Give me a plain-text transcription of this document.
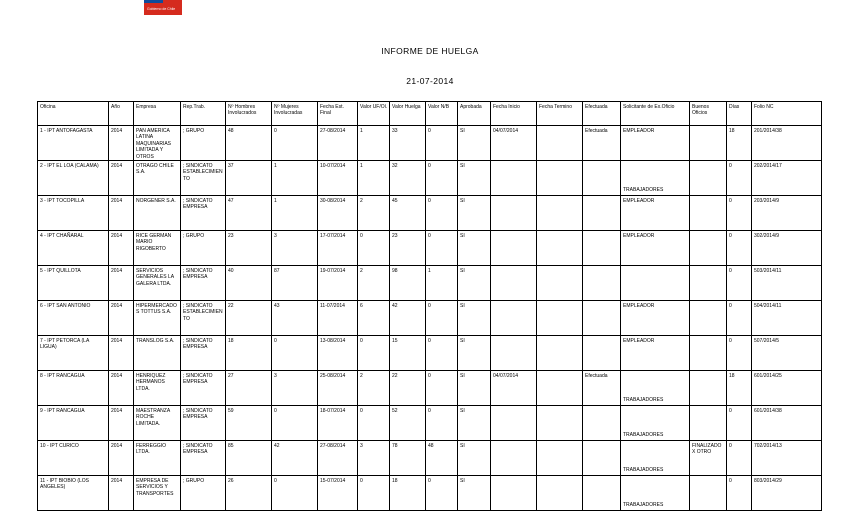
Gobierno de Chile
INFORME DE HUELGA
21-07-2014
Oficina	Año	Empresa	Rep.Trab.	Nº Hombres Involucrados	Nº Mujeres Involucradas	Fecha Est. Final	Valor UF/Oí.	Valor Huelga	Valor N/B	Aprobada	Fecha Inicio	Fecha Termino	Efectuada	Solicitante de Ex.Oficio	Buenos Oficios	Días	Folio NC
1 - IPT ANTOFAGASTA	2014	PAN AMERICA LATINA MAQUINARIAS LIMITADA Y OTROS	; GRUPO	48	0	27-08/2014	1	33	0	SI	04/07/2014		Efectuada	EMPLEADOR		18	201/2014/38
2 - IPT EL LOA (CALAMA)	2014	OTRAGO CHILE S.A.	; SINDICATO ESTABLECIMIENTO	37	1	10-07/2014	1	32	0	SI				TRABAJADORES		0	202/2014/17
3 - IPT TOCOPILLA	2014	NORGENER S.A.	; SINDICATO EMPRESA	47	1	30-08/2014	2	45	0	SI				EMPLEADOR		0	203/2014/9
4 - IPT CHAÑARAL	2014	RICE GERMAN MARIO RIGOBERTO	; GRUPO	23	3	17-07/2014	0	23	0	SI				EMPLEADOR		0	302/2014/9
5 - IPT QUILLOTA	2014	SERVICIOS GENERALES LA GALERA LTDA.	; SINDICATO EMPRESA	40	87	19-07/2014	2	98	1	SI						0	503/2014/11
6 - IPT SAN ANTONIO	2014	HIPERMERCADOS TOTTUS S.A.	; SINDICATO ESTABLECIMIENTO	22	43	11-07/2014	6	42	0	SI				EMPLEADOR		0	504/2014/11
7 - IPT PETORCA (LA LIGUA)	2014	TRANSLOG S.A.	; SINDICATO EMPRESA	18	0	13-08/2014	0	15	0	SI				EMPLEADOR		0	507/2014/5
8 - IPT RANCAGUA	2014	HENRIQUEZ HERMANOS LTDA.	; SINDICATO EMPRESA	27	3	25-08/2014	2	22	0	SI	04/07/2014		Efectuada	TRABAJADORES		18	601/2014/25
9 - IPT RANCAGUA	2014	MAESTRANZA ROCHE LIMITADA.	; SINDICATO EMPRESA	59	0	18-07/2014	0	52	0	SI				TRABAJADORES		0	601/2014/38
10 - IPT CURICO	2014	FERREGGIO LTDA.	; SINDICATO EMPRESA	85	42	27-08/2014	3	78	48	SI				TRABAJADORES	FINALIZADO X OTRO	0	702/2014/13
11 - IPT BIOBIO (LOS ANGELES)	2014	EMPRESA DE SERVICIOS Y TRANSPORTES	; GRUPO	26	0	15-07/2014	0	18	0	SI				TRABAJADORES		0	803/2014/29
